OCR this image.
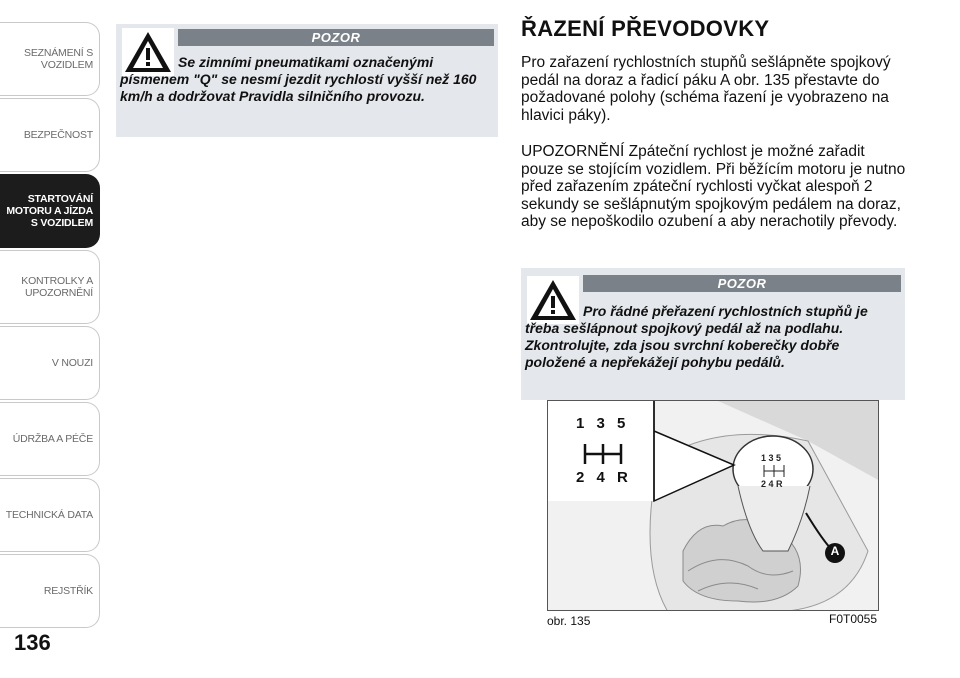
SEZNÁMENÍ S
VOZIDLEM
BEZPEČNOST
STARTOVÁNÍ
MOTORU A JÍZDA
S VOZIDLEM
KONTROLKY A
UPOZORNĚNÍ
V NOUZI
ÚDRŽBA A PÉČE
TECHNICKÁ DATA
REJSTŘÍK
136
POZOR
Se zimními pneumatikami označenými písmenem "Q" se nesmí jezdit rychlostí vyšší než 160 km/h a dodržovat Pravidla silničního provozu.
ŘAZENÍ PŘEVODOVKY
Pro zařazení rychlostních stupňů sešlápněte spojkový pedál na doraz a řadicí páku A obr. 135 přestavte do požadované polohy (schéma řazení je vyobrazeno na hlavici páky).
UPOZORNĚNÍ Zpáteční rychlost je možné zařadit pouze se stojícím vozidlem. Při běžícím motoru je nutno před zařazením zpáteční rychlosti vyčkat alespoň 2 sekundy se sešlápnutým spojkovým pedálem na doraz, aby se nepoškodilo ozubení a aby nerachotily převody.
POZOR
Pro řádné přeřazení rychlostních stupňů je třeba sešlápnout spojkový pedál až na podlahu. Zkontrolujte, zda jsou svrchní koberečky dobře položené a nepřekážejí pohybu pedálů.
1 3 5
2 4 R
1 3 5
2 4 R
A
obr. 135	F0T0055
